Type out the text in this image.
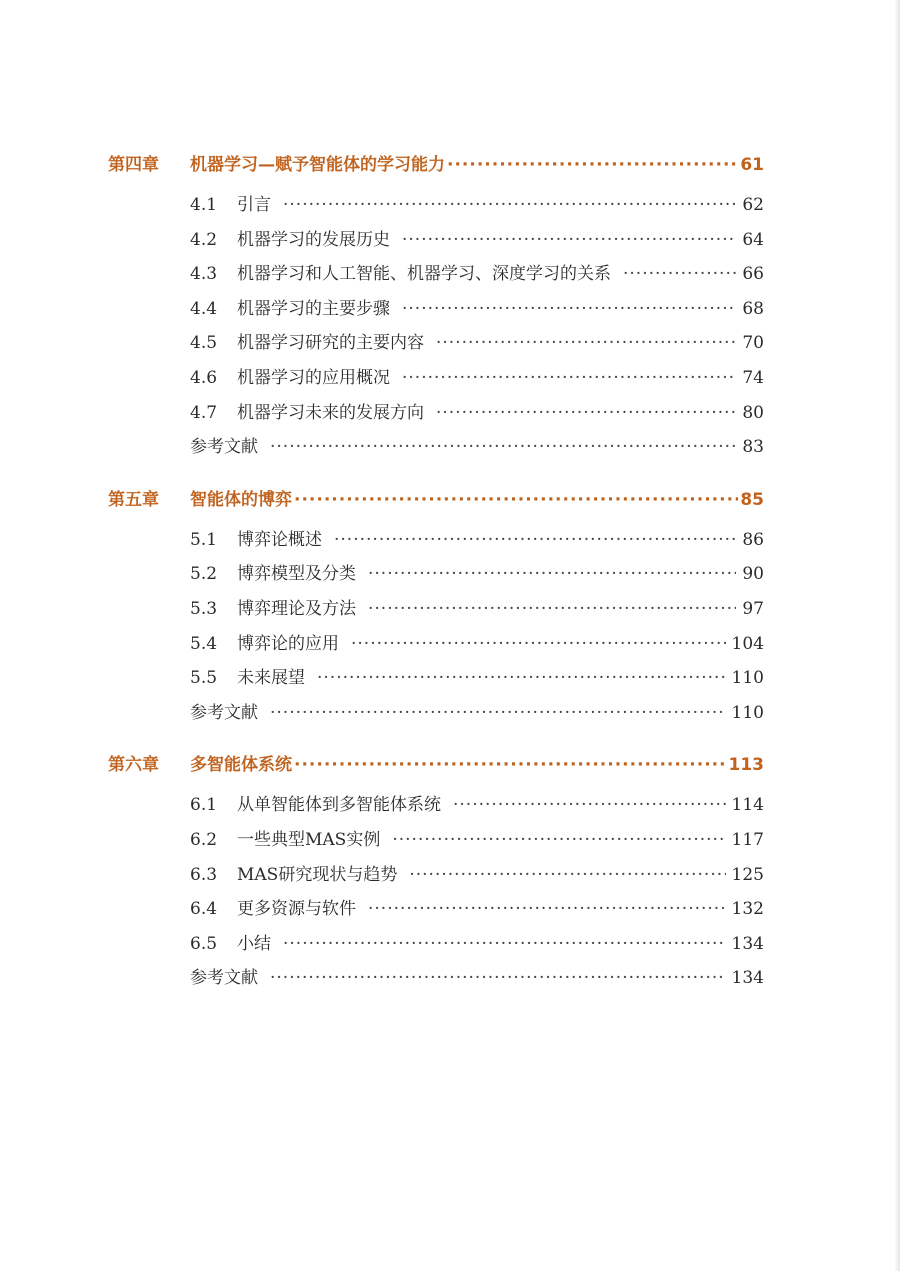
第四章	机器学习—赋予智能体的学习能力 ·····	61
4.1	引言 ·····	62
4.2	机器学习的发展历史 ·····	64
4.3	机器学习和人工智能、机器学习、深度学习的关系 ·····	66
4.4	机器学习的主要步骤 ·····	68
4.5	机器学习研究的主要内容 ·····	70
4.6	机器学习的应用概况 ·····	74
4.7	机器学习未来的发展方向 ·····	80
参考文献 ·····	83
第五章	智能体的博弈 ·····	85
5.1	博弈论概述 ·····	86
5.2	博弈模型及分类 ·····	90
5.3	博弈理论及方法 ·····	97
5.4	博弈论的应用 ·····	104
5.5	未来展望 ·····	110
参考文献 ·····	110
第六章	多智能体系统 ·····	113
6.1	从单智能体到多智能体系统 ·····	114
6.2	一些典型MAS实例 ·····	117
6.3	MAS研究现状与趋势 ·····	125
6.4	更多资源与软件 ·····	132
6.5	小结 ·····	134
参考文献 ·····	134
